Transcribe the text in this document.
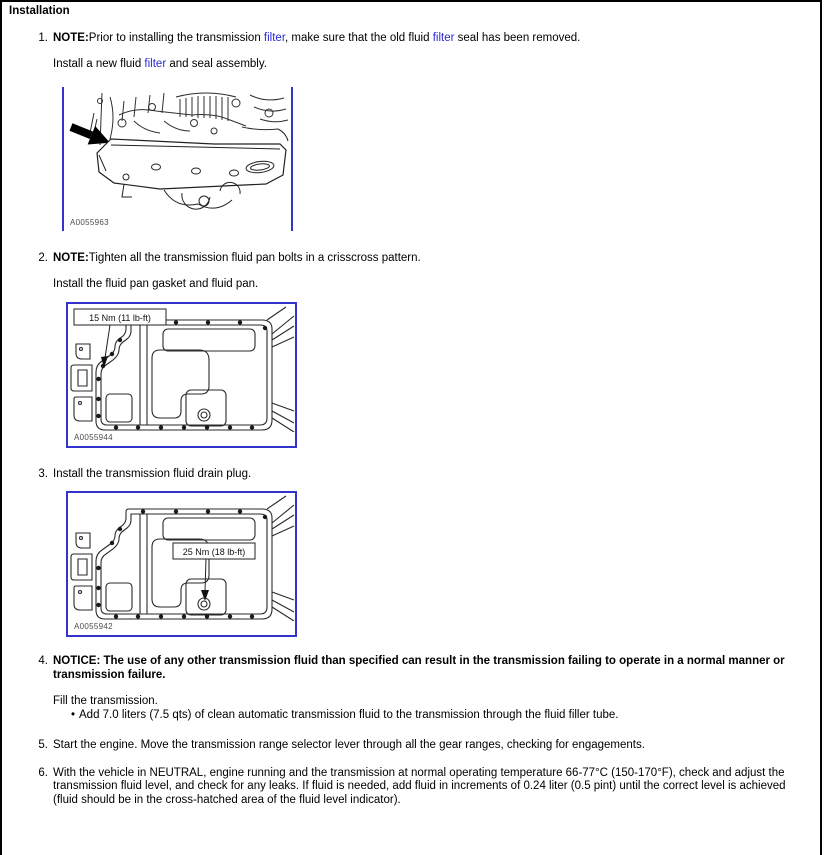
Installation
1. NOTE:Prior to installing the transmission filter, make sure that the old fluid filter seal has been removed.

Install a new fluid filter and seal assembly.

A0055963
2. NOTE:Tighten all the transmission fluid pan bolts in a crisscross pattern.

Install the fluid pan gasket and fluid pan.

15 Nm (11 lb-ft)
A0055944
3. Install the transmission fluid drain plug.

25 Nm (18 lb-ft)
A0055942
4. NOTICE: The use of any other transmission fluid than specified can result in the transmission failing to operate in a normal manner or transmission failure.

Fill the transmission.

• Add 7.0 liters (7.5 qts) of clean automatic transmission fluid to the transmission through the fluid filler tube.
5. Start the engine. Move the transmission range selector lever through all the gear ranges, checking for engagements.

6. With the vehicle in NEUTRAL, engine running and the transmission at normal operating temperature 66-77°C (150-170°F), check and adjust the transmission fluid level, and check for any leaks. If fluid is needed, add fluid in increments of 0.24 liter (0.5 pint) until the correct level is achieved (fluid should be in the cross-hatched area of the fluid level indicator).
